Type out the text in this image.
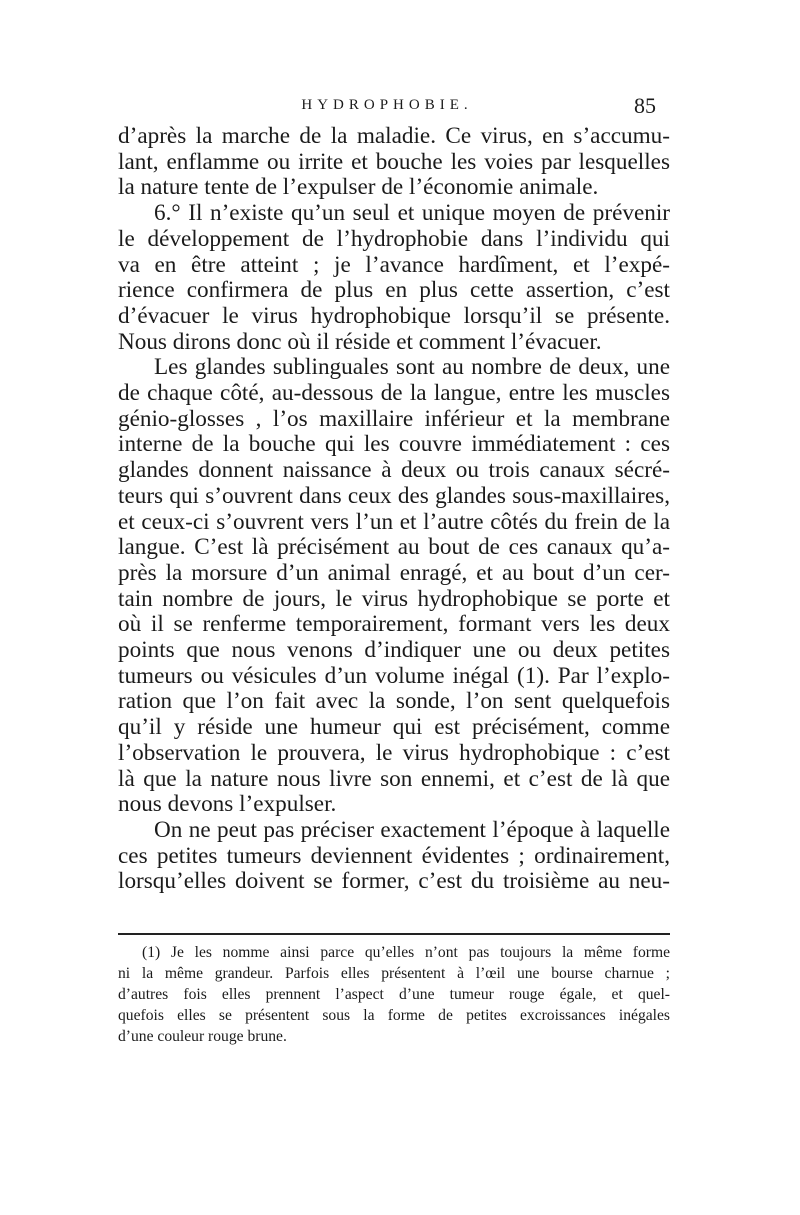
HYDROPHOBIE.	85
d’après la marche de la maladie. Ce virus, en s’accumu-
lant, enflamme ou irrite et bouche les voies par lesquelles
la nature tente de l’expulser de l’économie animale.
6.° Il n’existe qu’un seul et unique moyen de prévenir
le développement de l’hydrophobie dans l’individu qui
va en être atteint ; je l’avance hardîment, et l’expé-
rience confirmera de plus en plus cette assertion, c’est
d’évacuer le virus hydrophobique lorsqu’il se présente.
Nous dirons donc où il réside et comment l’évacuer.
Les glandes sublinguales sont au nombre de deux, une
de chaque côté, au-dessous de la langue, entre les muscles
génio-glosses , l’os maxillaire inférieur et la membrane
interne de la bouche qui les couvre immédiatement : ces
glandes donnent naissance à deux ou trois canaux sécré-
teurs qui s’ouvrent dans ceux des glandes sous-maxillaires,
et ceux-ci s’ouvrent vers l’un et l’autre côtés du frein de la
langue. C’est là précisément au bout de ces canaux qu’a-
près la morsure d’un animal enragé, et au bout d’un cer-
tain nombre de jours, le virus hydrophobique se porte et
où il se renferme temporairement, formant vers les deux
points que nous venons d’indiquer une ou deux petites
tumeurs ou vésicules d’un volume inégal (1). Par l’explo-
ration que l’on fait avec la sonde, l’on sent quelquefois
qu’il y réside une humeur qui est précisément, comme
l’observation le prouvera, le virus hydrophobique : c’est
là que la nature nous livre son ennemi, et c’est de là que
nous devons l’expulser.
On ne peut pas préciser exactement l’époque à laquelle
ces petites tumeurs deviennent évidentes ; ordinairement,
lorsqu’elles doivent se former, c’est du troisième au neu-
(1) Je les nomme ainsi parce qu’elles n’ont pas toujours la même forme
ni la même grandeur. Parfois elles présentent à l’œil une bourse charnue ;
d’autres fois elles prennent l’aspect d’une tumeur rouge égale, et quel-
quefois elles se présentent sous la forme de petites excroissances inégales
d’une couleur rouge brune.
